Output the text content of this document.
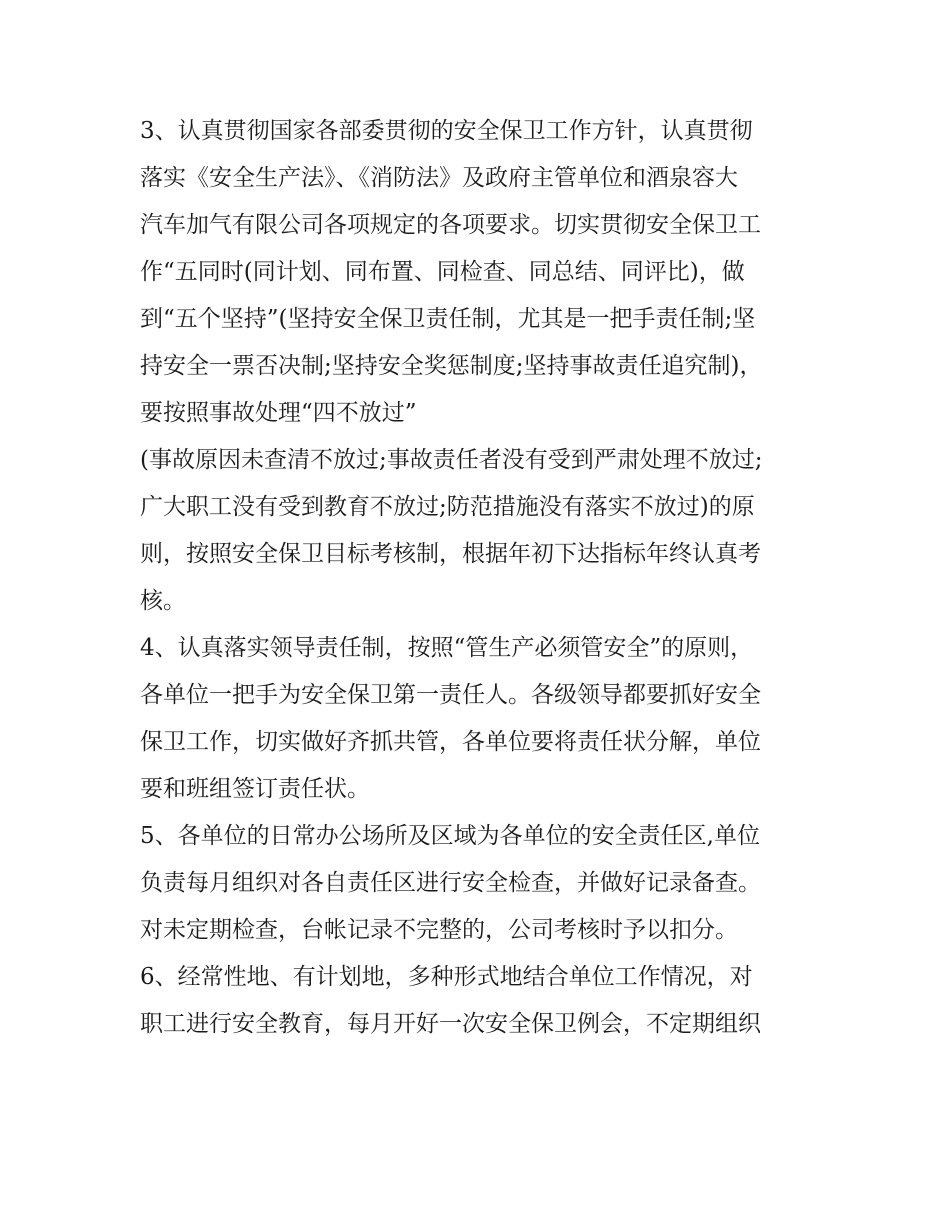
3、认真贯彻国家各部委贯彻的安全保卫工作方针，认真贯彻
落实《安全生产法》、《消防法》及政府主管单位和酒泉容大
汽车加气有限公司各项规定的各项要求。切实贯彻安全保卫工
作“五同时(同计划、同布置、同检查、同总结、同评比)，做
到“五个坚持”(坚持安全保卫责任制，尤其是一把手责任制;坚
持安全一票否决制;坚持安全奖惩制度;坚持事故责任追究制)，
要按照事故处理“四不放过”
(事故原因未查清不放过;事故责任者没有受到严肃处理不放过;
广大职工没有受到教育不放过;防范措施没有落实不放过)的原
则，按照安全保卫目标考核制，根据年初下达指标年终认真考
核。
4、认真落实领导责任制，按照“管生产必须管安全”的原则，
各单位一把手为安全保卫第一责任人。各级领导都要抓好安全
保卫工作，切实做好齐抓共管，各单位要将责任状分解，单位
要和班组签订责任状。
5、各单位的日常办公场所及区域为各单位的安全责任区,单位
负责每月组织对各自责任区进行安全检查，并做好记录备查。
对未定期检查，台帐记录不完整的，公司考核时予以扣分。
6、经常性地、有计划地，多种形式地结合单位工作情况，对
职工进行安全教育，每月开好一次安全保卫例会，不定期组织
